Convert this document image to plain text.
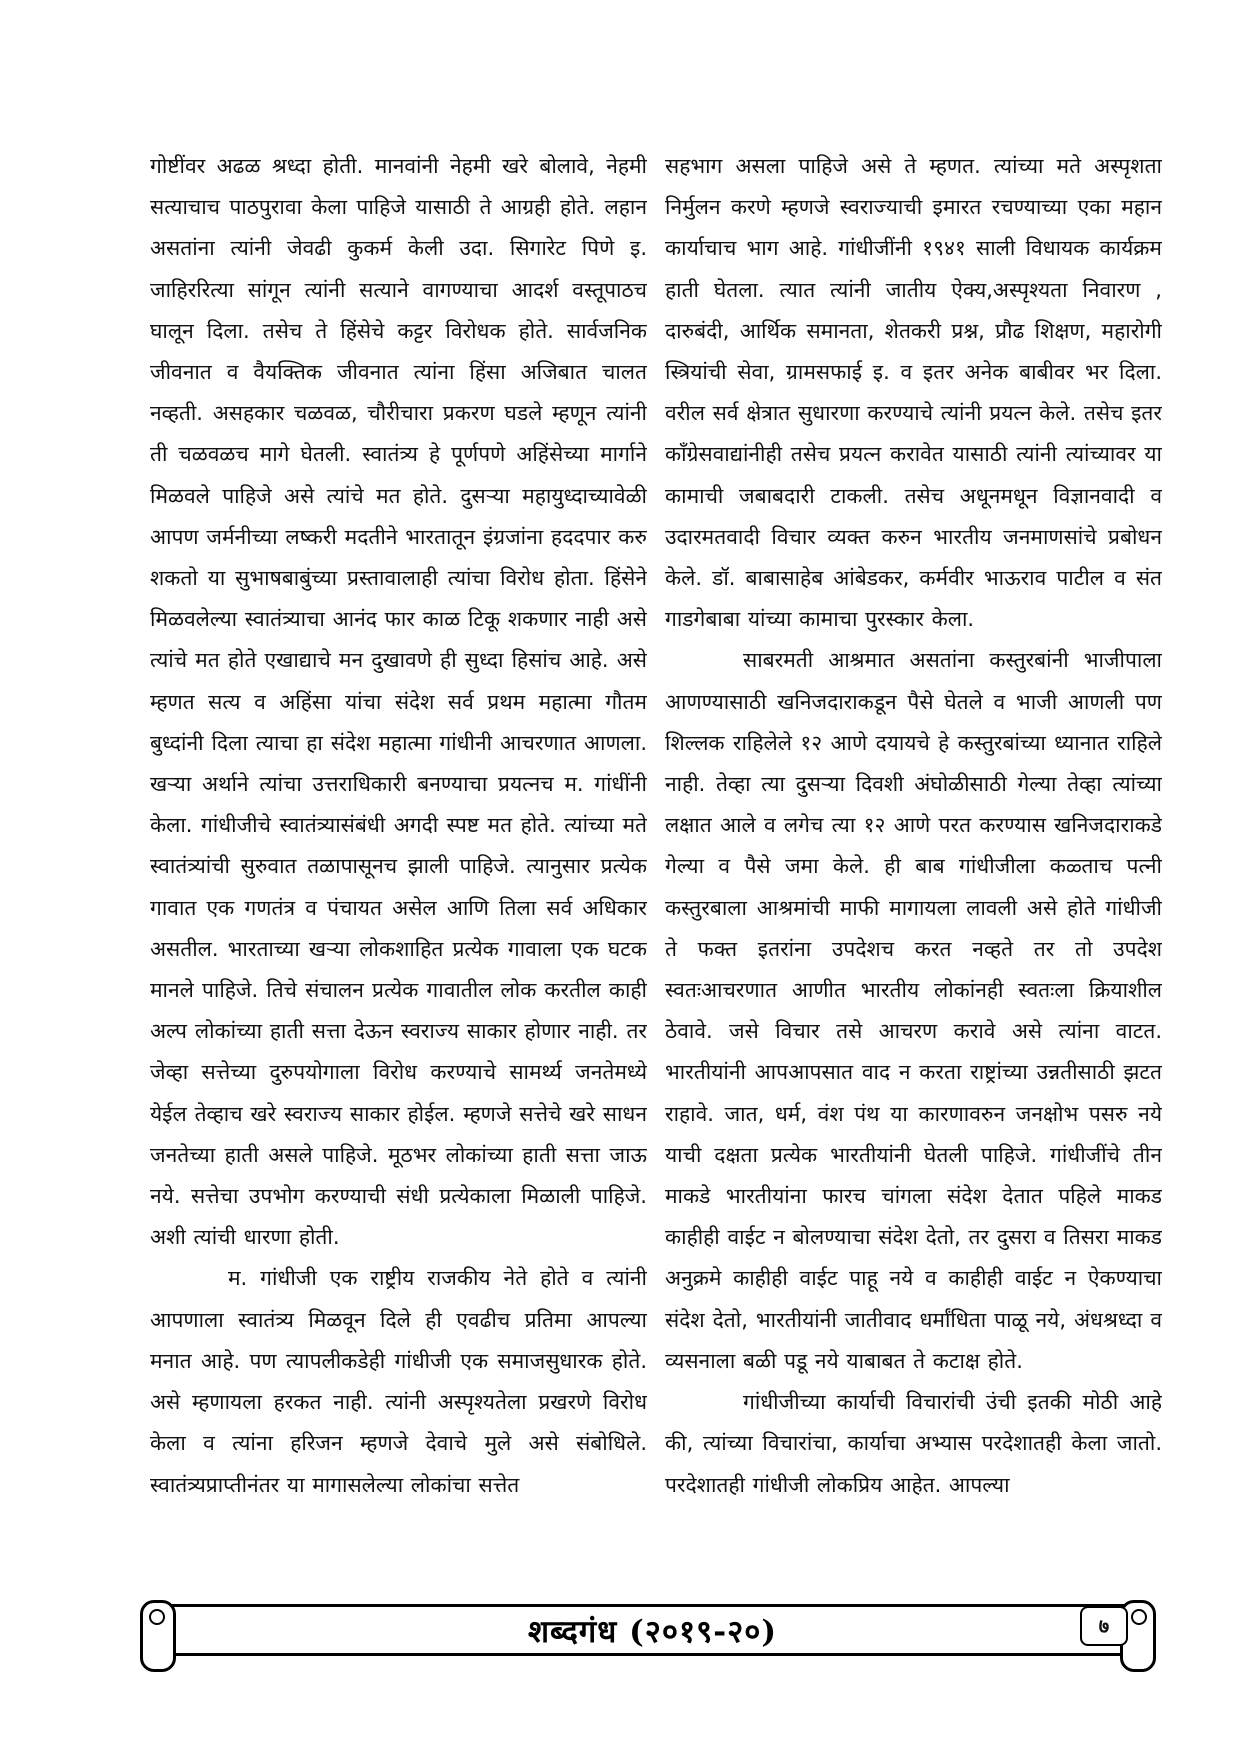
गोष्टींवर अढळ श्रध्दा होती. मानवांनी नेहमी खरे बोलावे, नेहमी सत्याचाच पाठपुरावा केला पाहिजे यासाठी ते आग्रही होते. लहान असतांना त्यांनी जेवढी कुकर्म केली उदा. सिगारेट पिणे इ. जाहिररित्या सांगून त्यांनी सत्याने वागण्याचा आदर्श वस्तूपाठच घालून दिला. तसेच ते हिंसेचे कट्टर विरोधक होते. सार्वजनिक जीवनात व वैयक्तिक जीवनात त्यांना हिंसा अजिबात चालत नव्हती. असहकार चळवळ, चौरीचारा प्रकरण घडले म्हणून त्यांनी ती चळवळच मागे घेतली. स्वातंत्र्य हे पूर्णपणे अहिंसेच्या मार्गाने मिळवले पाहिजे असे त्यांचे मत होते. दुसऱ्या महायुध्दाच्यावेळी आपण जर्मनीच्या लष्करी मदतीने भारतातून इंग्रजांना हददपार करु शकतो या सुभाषबाबुंच्या प्रस्तावालाही त्यांचा विरोध होता. हिंसेने मिळवलेल्या स्वातंत्र्याचा आनंद फार काळ टिकू शकणार नाही असे त्यांचे मत होते एखाद्याचे मन दुखावणे ही सुध्दा हिसांच आहे. असे म्हणत सत्य व अहिंसा यांचा संदेश सर्व प्रथम महात्मा गौतम बुध्दांनी दिला त्याचा हा संदेश महात्मा गांधीनी आचरणात आणला. खऱ्या अर्थाने त्यांचा उत्तराधिकारी बनण्याचा प्रयत्नच म. गांधींनी केला. गांधीजीचे स्वातंत्र्यासंबंधी अगदी स्पष्ट मत होते. त्यांच्या मते स्वातंत्र्यांची सुरुवात तळापासूनच झाली पाहिजे. त्यानुसार प्रत्येक गावात एक गणतंत्र व पंचायत असेल आणि तिला सर्व अधिकार असतील. भारताच्या खऱ्या लोकशाहित प्रत्येक गावाला एक घटक मानले पाहिजे. तिचे संचालन प्रत्येक गावातील लोक करतील काही अल्प लोकांच्या हाती सत्ता देऊन स्वराज्य साकार होणार नाही. तर जेव्हा सत्तेच्या दुरुपयोगाला विरोध करण्याचे सामर्थ्य जनतेमध्ये येईल तेव्हाच खरे स्वराज्य साकार होईल. म्हणजे सत्तेचे खरे साधन जनतेच्या हाती असले पाहिजे. मूठभर लोकांच्या हाती सत्ता जाऊ नये. सत्तेचा उपभोग करण्याची संधी प्रत्येकाला मिळाली पाहिजे. अशी त्यांची धारणा होती.

म. गांधीजी एक राष्ट्रीय राजकीय नेते होते व त्यांनी आपणाला स्वातंत्र्य मिळवून दिले ही एवढीच प्रतिमा आपल्या मनात आहे. पण त्यापलीकडेही गांधीजी एक समाजसुधारक होते. असे म्हणायला हरकत नाही. त्यांनी अस्पृश्यतेला प्रखरणे विरोध केला व त्यांना हरिजन म्हणजे देवाचे मुले असे संबोधिले. स्वातंत्र्यप्राप्तीनंतर या मागासलेल्या लोकांचा सत्तेत

सहभाग असला पाहिजे असे ते म्हणत. त्यांच्या मते अस्पृशता निर्मुलन करणे म्हणजे स्वराज्याची इमारत रचण्याच्या एका महान कार्याचाच भाग आहे. गांधीजींनी १९४१ साली विधायक कार्यक्रम हाती घेतला. त्यात त्यांनी जातीय ऐक्य,अस्पृश्यता निवारण , दारुबंदी, आर्थिक समानता, शेतकरी प्रश्न, प्रौढ शिक्षण, महारोगी स्त्रियांची सेवा, ग्रामसफाई इ. व इतर अनेक बाबीवर भर दिला. वरील सर्व क्षेत्रात सुधारणा करण्याचे त्यांनी प्रयत्न केले. तसेच इतर कॉंग्रेसवाद्यांनीही तसेच प्रयत्न करावेत यासाठी त्यांनी त्यांच्यावर या कामाची जबाबदारी टाकली. तसेच अधूनमधून विज्ञानवादी व उदारमतवादी विचार व्यक्त करुन भारतीय जनमाणसांचे प्रबोधन केले. डॉ. बाबासाहेब आंबेडकर, कर्मवीर भाऊराव पाटील व संत गाडगेबाबा यांच्या कामाचा पुरस्कार केला.

साबरमती आश्रमात असतांना कस्तुरबांनी भाजीपाला आणण्यासाठी खनिजदाराकडून पैसे घेतले व भाजी आणली पण शिल्लक राहिलेले १२ आणे दयायचे हे कस्तुरबांच्या ध्यानात राहिले नाही. तेव्हा त्या दुसऱ्या दिवशी अंघोळीसाठी गेल्या तेव्हा त्यांच्या लक्षात आले व लगेच त्या १२ आणे परत करण्यास खनिजदाराकडे गेल्या व पैसे जमा केले. ही बाब गांधीजीला कळ्ताच पत्नी कस्तुरबाला आश्रमांची माफी मागायला लावली असे होते गांधीजी ते फक्त इतरांना उपदेशच करत नव्हते तर तो उपदेश स्वतःआचरणात आणीत भारतीय लोकांनही स्वतःला क्रियाशील ठेवावे. जसे विचार तसे आचरण करावे असे त्यांना वाटत. भारतीयांनी आपआपसात वाद न करता राष्ट्रांच्या उन्नतीसाठी झटत राहावे. जात, धर्म, वंश पंथ या कारणावरुन जनक्षोभ पसरु नये याची दक्षता प्रत्येक भारतीयांनी घेतली पाहिजे. गांधीजींचे तीन माकडे भारतीयांना फारच चांगला संदेश देतात पहिले माकड काहीही वाईट न बोलण्याचा संदेश देतो, तर दुसरा व तिसरा माकड अनुक्रमे काहीही वाईट पाहू नये व काहीही वाईट न ऐकण्याचा संदेश देतो, भारतीयांनी जातीवाद धर्मांधिता पाळू नये, अंधश्रध्दा व व्यसनाला बळी पडू नये याबाबत ते कटाक्ष होते.

गांधीजीच्या कार्याची विचारांची उंची इतकी मोठी आहे की, त्यांच्या विचारांचा, कार्याचा अभ्यास परदेशातही केला जातो. परदेशातही गांधीजी लोकप्रिय आहेत. आपल्या

शब्दगंध (२०१९-२०)	७
